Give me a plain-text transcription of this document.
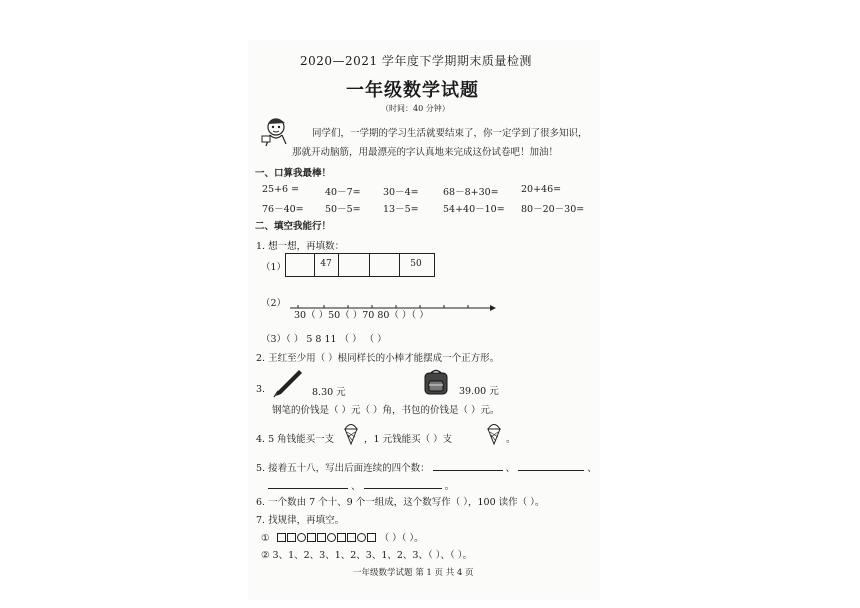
2020—2021 学年度下学期期末质量检测
一年级数学试题
（时间：40 分钟）
同学们，一学期的学习生活就要结束了，你一定学到了很多知识，
那就开动脑筋，用最漂亮的字认真地来完成这份试卷吧！加油！
一、口算我最棒！
25+6 =	40－7= 30－4=	68－8+30= 20+46=
76－40= 50－5= 13－5=	54+40－10= 80－20－30=
二、填空我能行！
1. 想一想，再填数：
（1）	47	50
（2）
30（ ）50（ ）70 80（ ）（ ）
（3）（ ） 5 8 11 （ ） （ ）
2. 王红至少用（ ）根同样长的小棒才能摆成一个正方形。
3.	8.30 元	39.00 元
钢笔的价钱是（ ）元（ ）角，书包的价钱是（ ）元。
4. 5 角钱能买一支	，1 元钱能买（ ）支	。
5. 接着五十八，写出后面连续的四个数：	、	、
、	。
6. 一个数由 7 个十、9 个一组成，这个数写作（ ），100 读作（ ）。
7. 找规律，再填空。
①	（ ）（ ）。
② 3、1、2、3、1、2、3、1、2、3、（ ）、（ ）。
一年级数学试题 第 1 页 共 4 页
